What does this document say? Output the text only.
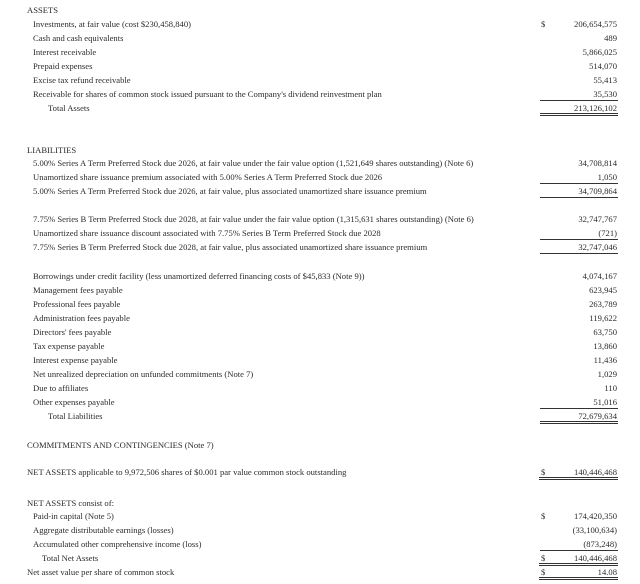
ASSETS
Investments, at fair value (cost $230,458,840)	$	206,654,575
Cash and cash equivalents	489
Interest receivable	5,866,025
Prepaid expenses	514,070
Excise tax refund receivable	55,413
Receivable for shares of common stock issued pursuant to the Company's dividend reinvestment plan	35,530
Total Assets	213,126,102
LIABILITIES
5.00% Series A Term Preferred Stock due 2026, at fair value under the fair value option (1,521,649 shares outstanding) (Note 6)	34,708,814
Unamortized share issuance premium associated with 5.00% Series A Term Preferred Stock due 2026	1,050
5.00% Series A Term Preferred Stock due 2026, at fair value, plus associated unamortized share issuance premium	34,709,864
7.75% Series B Term Preferred Stock due 2028, at fair value under the fair value option (1,315,631 shares outstanding) (Note 6)	32,747,767
Unamortized share issuance discount associated with 7.75% Series B Term Preferred Stock due 2028	(721)
7.75% Series B Term Preferred Stock due 2028, at fair value, plus associated unamortized share issuance premium	32,747,046
Borrowings under credit facility (less unamortized deferred financing costs of $45,833 (Note 9))	4,074,167
Management fees payable	623,945
Professional fees payable	263,789
Administration fees payable	119,622
Directors' fees payable	63,750
Tax expense payable	13,860
Interest expense payable	11,436
Net unrealized depreciation on unfunded commitments (Note 7)	1,029
Due to affiliates	110
Other expenses payable	51,016
Total Liabilities	72,679,634
COMMITMENTS AND CONTINGENCIES (Note 7)
NET ASSETS applicable to 9,972,506 shares of $0.001 par value common stock outstanding	$	140,446,468
NET ASSETS consist of:
Paid-in capital (Note 5)	$	174,420,350
Aggregate distributable earnings (losses)	(33,100,634)
Accumulated other comprehensive income (loss)	(873,248)
Total Net Assets	$	140,446,468
Net asset value per share of common stock	$	14.08
